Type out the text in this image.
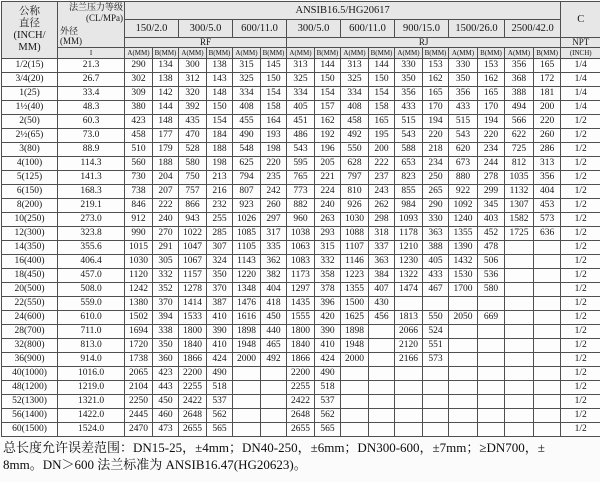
公称
直径
(INCH/
MM)

法兰压力等级
(CL/MPa)
外径
(MM)
	ANSIB16.5/HG20617	C
		150/2.0		300/5.0		600/11.0		300/5.0		600/11.0		900/15.0		1500/26.0		2500/42.0		
		RF						RJ										NPT
	I	A(MM)	B(MM)	A(MM)	B(MM)	A(MM)	B(MM)	A(MM)	B(MM)	A(MM)	B(MM)	A(MM)	B(MM)	A(MM)	B(MM)	A(MM)	B(MM)	(INCH)
1/2(15)	21.3	290	134	300	138	315	145	313	144	313	144	330	153	330	153	356	165	1/4
3/4(20)	26.7	302	138	312	143	325	150	325	150	325	150	350	162	350	162	368	172	1/4
1(25)	33.4	309	142	320	148	334	154	334	154	334	154	356	165	356	165	388	181	1/4
1½(40)	48.3	380	144	392	150	408	158	405	157	408	158	433	170	433	170	494	200	1/4
2(50)	60.3	423	148	435	154	455	164	451	162	458	165	515	194	515	194	566	220	1/2
2½(65)	73.0	458	177	470	184	490	193	486	192	492	195	543	220	543	220	622	260	1/2
3(80)	88.9	510	179	528	188	548	198	543	196	550	200	588	218	620	234	725	286	1/2
4(100)	114.3	560	188	580	198	625	220	595	205	628	222	653	234	673	244	812	313	1/2
5(125)	141.3	730	204	750	213	794	235	765	221	797	237	823	250	880	278	1035	356	1/2
6(150)	168.3	738	207	757	216	807	242	773	224	810	243	855	265	922	299	1132	404	1/2
8(200)	219.1	846	222	866	232	923	260	882	240	926	262	984	290	1092	345	1307	453	1/2
10(250)	273.0	912	240	943	255	1026	297	960	263	1030	298	1093	330	1240	403	1582	573	1/2
12(300)	323.8	990	270	1022	285	1085	317	1038	293	1088	318	1178	363	1355	452	1725	636	1/2
14(350)	355.6	1015	291	1047	307	1105	335	1063	315	1107	337	1210	388	1390	478			1/2
16(400)	406.4	1030	305	1067	324	1143	362	1083	332	1146	363	1230	405	1432	506			1/2
18(450)	457.0	1120	332	1157	350	1220	382	1173	358	1223	384	1322	433	1530	536			1/2
20(500)	508.0	1242	352	1278	370	1348	404	1297	378	1355	407	1474	467	1700	580			1/2
22(550)	559.0	1380	370	1414	387	1476	418	1435	396	1500	430							1/2
24(600)	610.0	1502	394	1533	410	1616	450	1555	420	1625	456	1813	550	2050	669			1/2
28(700)	711.0	1694	338	1800	390	1898	440	1800	390	1898		2066	524					1/2
32(800)	813.0	1720	350	1840	410	1948	465	1840	410	1948		2120	551					1/2
36(900)	914.0	1738	360	1866	424	2000	492	1866	424	2000		2166	573					1/2
40(1000)	1016.0	2065	423	2200	490			2200	490									1/2
48(1200)	1219.0	2104	443	2255	518			2255	518									1/2
52(1300)	1321.0	2250	450	2422	537			2422	537									1/2
56(1400)	1422.0	2445	460	2648	562			2648	562									1/2
60(1500)	1524.0	2470	473	2655	565			2655	565									1/2
总长度允许误差范围：DN15-25，±4mm；DN40-250，±6mm；DN300-600，±7mm；≥DN700，±
8mm。DN＞600 法兰标准为 ANSIB16.47(HG20623)。
